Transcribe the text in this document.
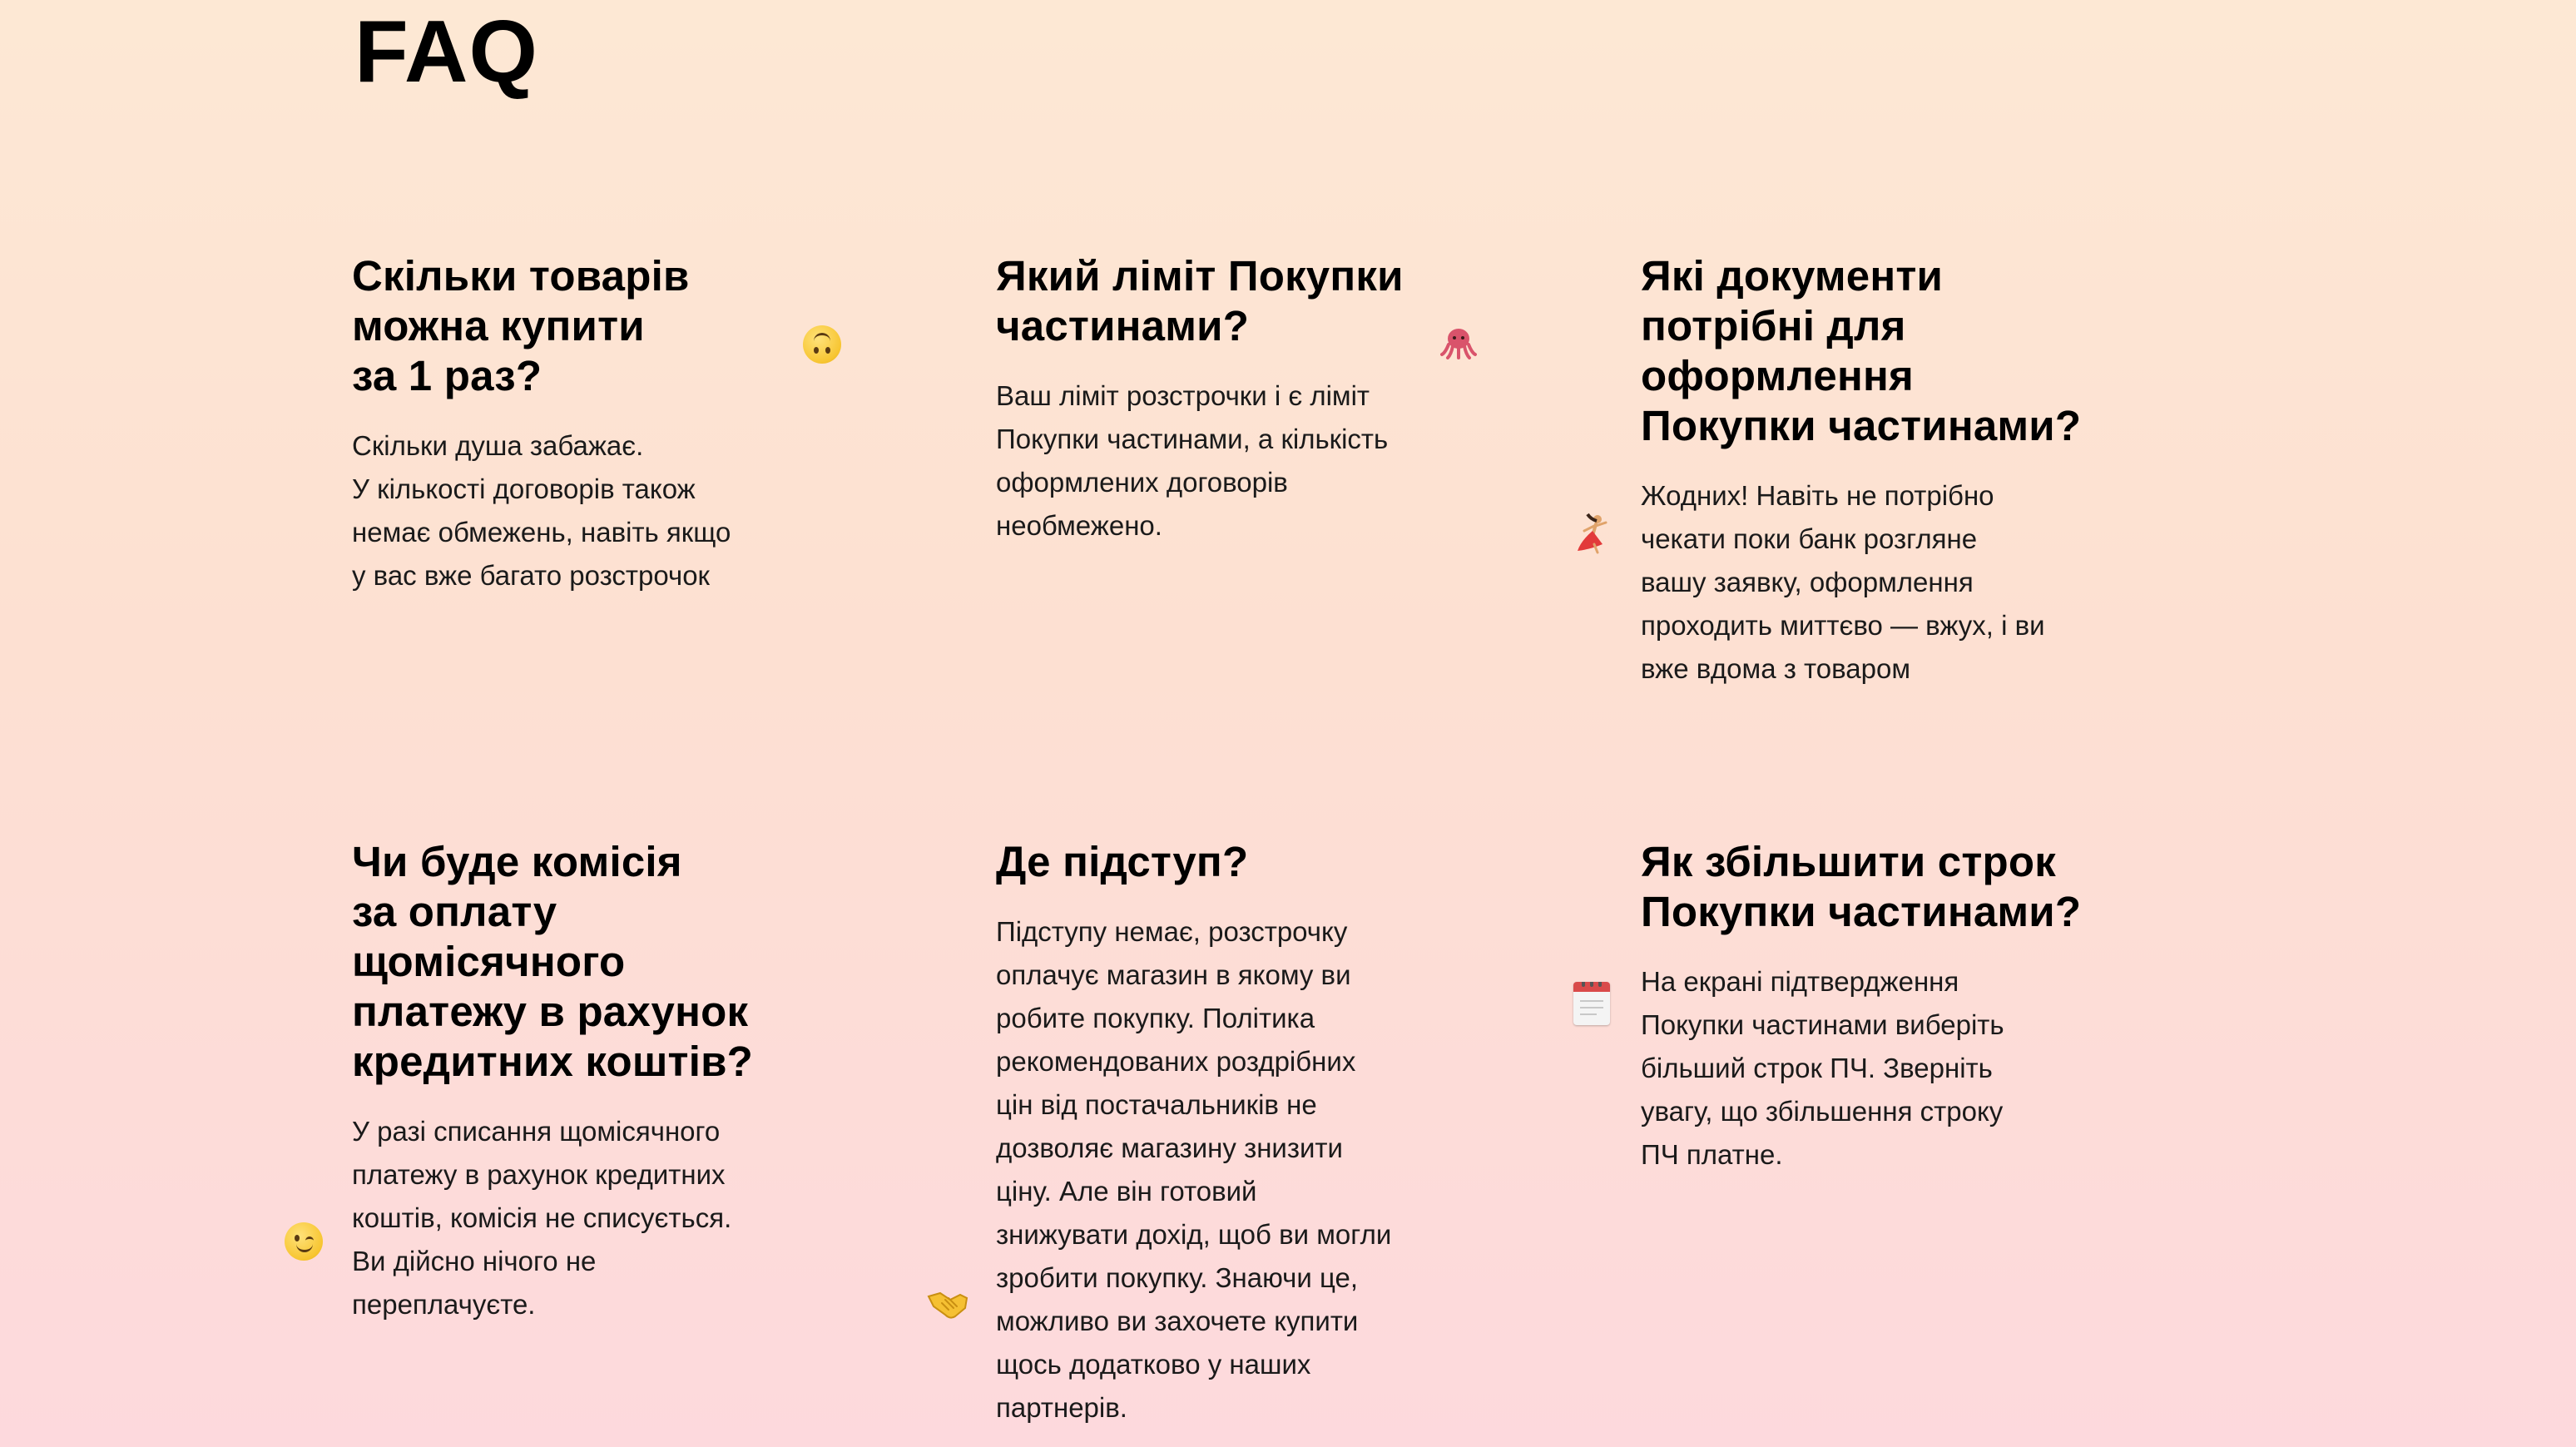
FAQ
Скільки товарів
можна купити
за 1 раз?

Скільки душа забажає.
У кількості договорів також
немає обмежень, навіть якщо
у вас вже багато розстрочок

Який ліміт Покупки
частинами?

Ваш ліміт розстрочки і є ліміт
Покупки частинами, а кількість
оформлених договорів
необмежено.

Які документи
потрібні для
оформлення
Покупки частинами?

Жодних! Навіть не потрібно
чекати поки банк розгляне
вашу заявку, оформлення
проходить миттєво — вжух, і ви
вже вдома з товаром

Чи буде комісія
за оплату
щомісячного
платежу в рахунок
кредитних коштів?

У разі списання щомісячного
платежу в рахунок кредитних
коштів, комісія не списується.
Ви дійсно нічого не
переплачуєте.

Де підступ?

Підступу немає, розстрочку
оплачує магазин в якому ви
робите покупку. Політика
рекомендованих роздрібних
цін від постачальників не
дозволяє магазину знизити
ціну. Але він готовий
знижувати дохід, щоб ви могли
зробити покупку. Знаючи це,
можливо ви захочете купити
щось додатково у наших
партнерів.

Як збільшити строк
Покупки частинами?

На екрані підтвердження
Покупки частинами виберіть
більший строк ПЧ. Зверніть
увагу, що збільшення строку
ПЧ платне.
